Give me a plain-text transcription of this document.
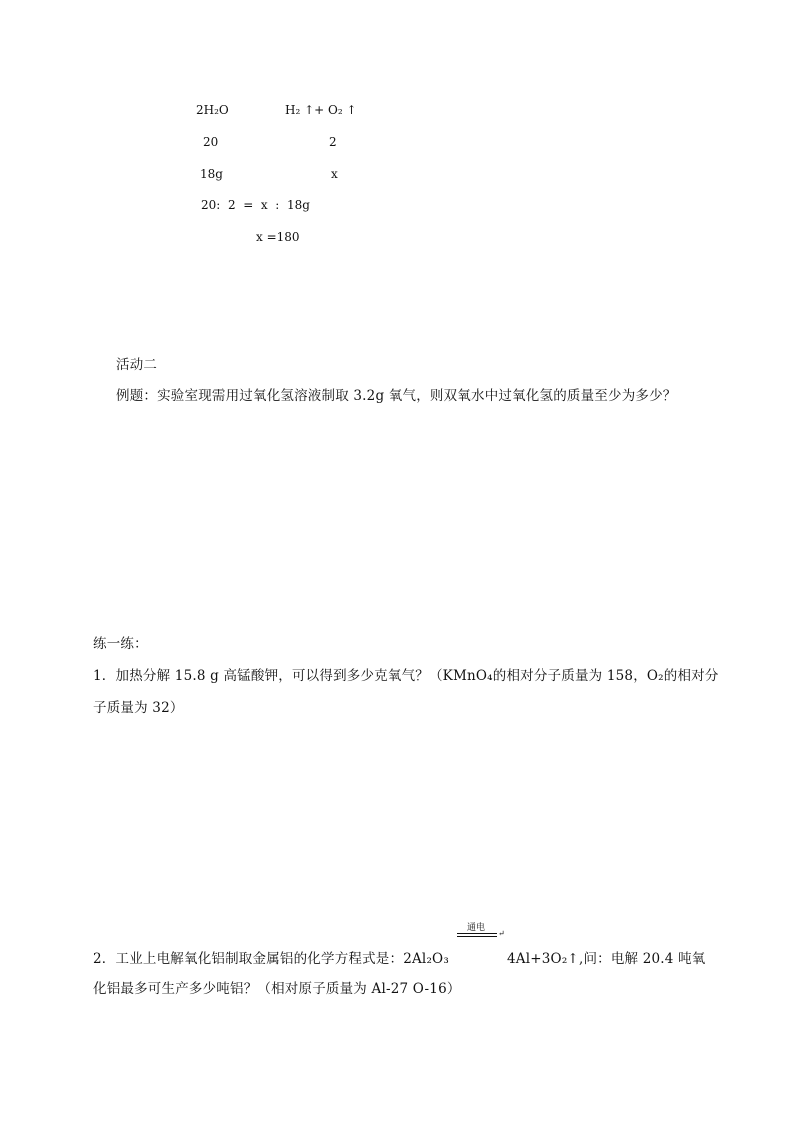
2H₂O	H₂ ↑+ O₂ ↑
20	2
18g	x
20:  2  =  x  :  18g
x =180
活动二
例题：实验室现需用过氧化氢溶液制取 3.2g 氧气，则双氧水中过氧化氢的质量至少为多少？
练一练：
1．加热分解 15.8 g 高锰酸钾，可以得到多少克氧气？（KMnO₄的相对分子质量为 158，O₂的相对分
子质量为 32）
通电
↵
2．工业上电解氧化铝制取金属铝的化学方程式是：2Al₂O₃	4Al+3O₂↑,问：电解 20.4 吨氧
化铝最多可生产多少吨铝？（相对原子质量为 Al-27 O-16）
